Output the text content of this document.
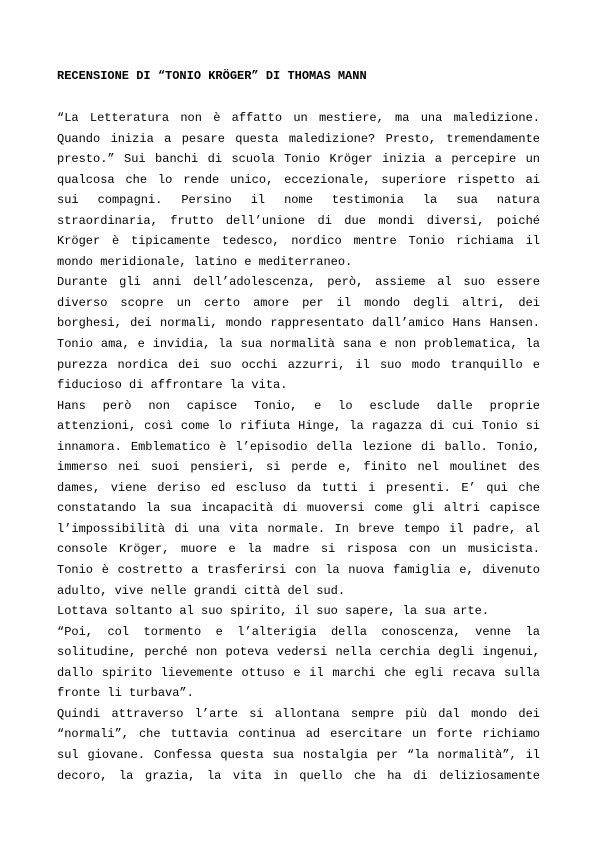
RECENSIONE DI “TONIO KRÖGER” DI THOMAS MANN
“La Letteratura non è affatto un mestiere, ma una maledizione.
Quando inizia a pesare questa maledizione? Presto, tremendamente
presto.” Sui banchi di scuola Tonio Kröger inizia a percepire un
qualcosa che lo rende unico, eccezionale, superiore rispetto ai
sui compagni. Persino il nome testimonia la sua natura
straordinaria, frutto dell’unione di due mondi diversi, poiché
Kröger è tipicamente tedesco, nordico mentre Tonio richiama il
mondo meridionale, latino e mediterraneo.
Durante gli anni dell’adolescenza, però, assieme al suo essere
diverso scopre un certo amore per il mondo degli altri, dei
borghesi, dei normali, mondo rappresentato dall’amico Hans Hansen.
Tonio ama, e invidia, la sua normalità sana e non problematica, la
purezza nordica dei suo occhi azzurri, il suo modo tranquillo e
fiducioso di affrontare la vita.
Hans però non capisce Tonio, e lo esclude dalle proprie
attenzioni, così come lo rifiuta Hinge, la ragazza di cui Tonio si
innamora. Emblematico è l’episodio della lezione di ballo. Tonio,
immerso nei suoi pensieri, si perde e, finito nel moulinet des
dames, viene deriso ed escluso da tutti i presenti. E’ qui che
constatando la sua incapacità di muoversi come gli altri capisce
l’impossibilità di una vita normale. In breve tempo il padre, al
console Kröger, muore e la madre si risposa con un musicista.
Tonio è costretto a trasferirsi con la nuova famiglia e, divenuto
adulto, vive nelle grandi città del sud.
Lottava soltanto al suo spirito, il suo sapere, la sua arte.
“Poi, col tormento e l’alterigia della conoscenza, venne la
solitudine, perché non poteva vedersi nella cerchia degli ingenui,
dallo spirito lievemente ottuso e il marchi che egli recava sulla
fronte li turbava”.
Quindi attraverso l’arte si allontana sempre più dal mondo dei
“normali”, che tuttavia continua ad esercitare un forte richiamo
sul giovane. Confessa questa sua nostalgia per “la normalità”, il
decoro, la grazia, la vita in quello che ha di deliziosamente
